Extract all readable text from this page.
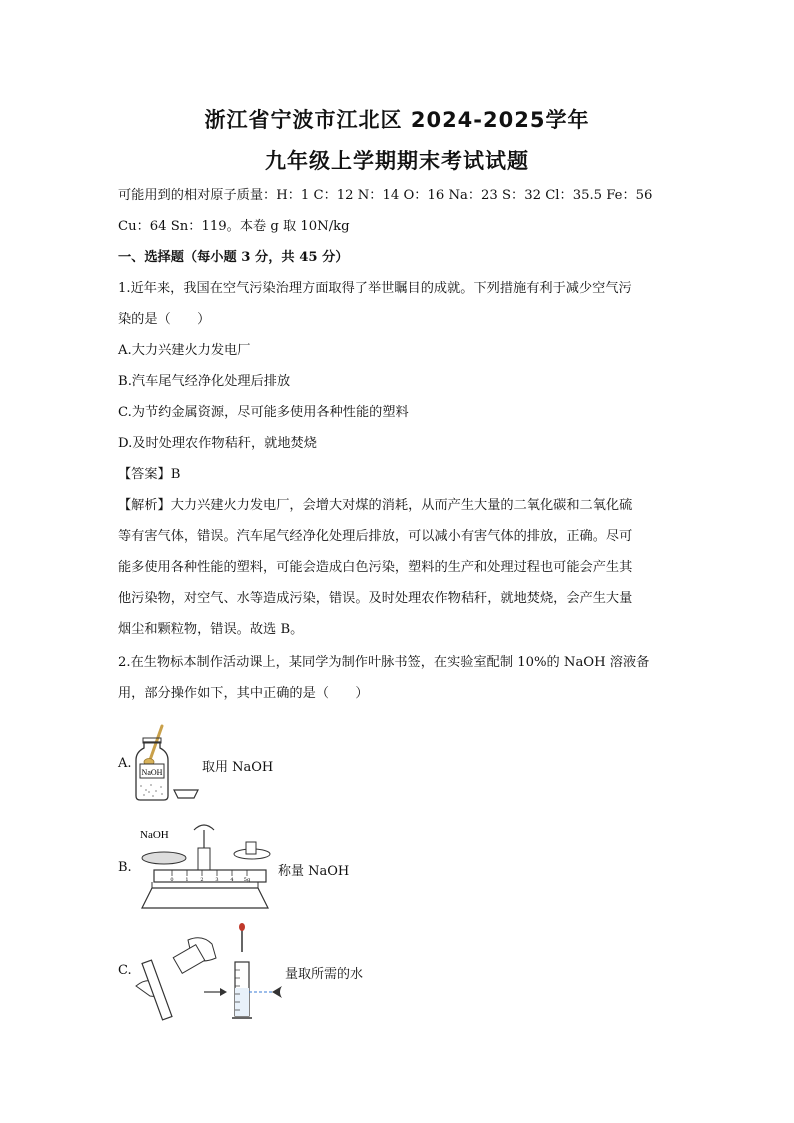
浙江省宁波市江北区 2024-2025学年
九年级上学期期末考试试题
可能用到的相对原子质量：H：1 C：12 N：14 O：16 Na：23 S：32 Cl：35.5 Fe：56
Cu：64 Sn：119。本卷 g 取 10N/kg
一、选择题（每小题 3 分，共 45 分）
1.近年来，我国在空气污染治理方面取得了举世瞩目的成就。下列措施有利于减少空气污
染的是（　　）
A.大力兴建火力发电厂
B.汽车尾气经净化处理后排放
C.为节约金属资源，尽可能多使用各种性能的塑料
D.及时处理农作物秸秆，就地焚烧
【答案】B
【解析】大力兴建火力发电厂，会增大对煤的消耗，从而产生大量的二氧化碳和二氧化硫
等有害气体，错误。汽车尾气经净化处理后排放，可以减小有害气体的排放，正确。尽可
能多使用各种性能的塑料，可能会造成白色污染，塑料的生产和处理过程也可能会产生其
他污染物，对空气、水等造成污染，错误。及时处理农作物秸秆，就地焚烧，会产生大量
烟尘和颗粒物，错误。故选 B。
2.在生物标本制作活动课上，某同学为制作叶脉书签，在实验室配制 10%的 NaOH 溶液备
用，部分操作如下，其中正确的是（　　）
A.
NaOH	取用 NaOH
B.
NaOH
0 1 2 3 4 5g
称量 NaOH
C.	量取所需的水
